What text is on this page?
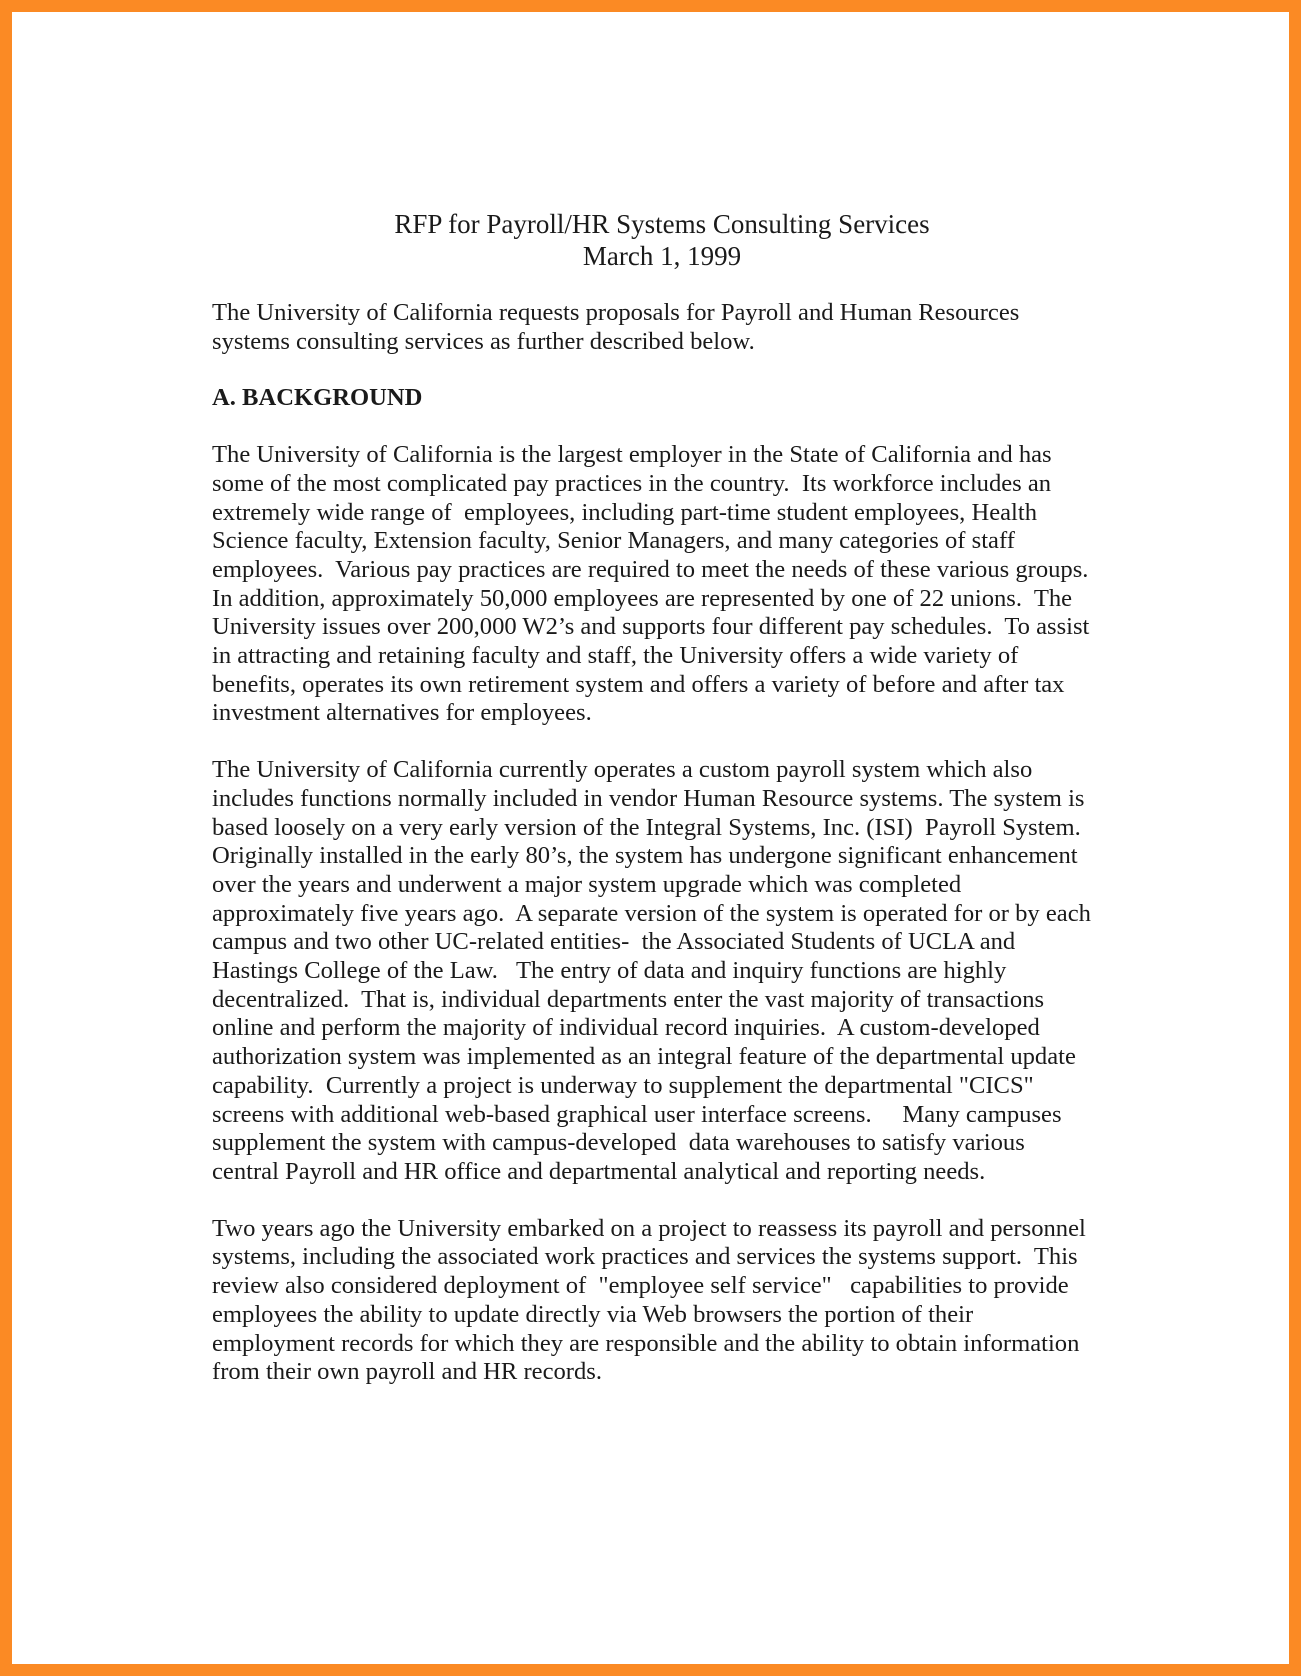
RFP for Payroll/HR Systems Consulting Services
March 1, 1999

The University of California requests proposals for Payroll and Human Resources
systems consulting services as further described below.

A. BACKGROUND

The University of California is the largest employer in the State of California and has
some of the most complicated pay practices in the country.  Its workforce includes an
extremely wide range of  employees, including part-time student employees, Health
Science faculty, Extension faculty, Senior Managers, and many categories of staff
employees.  Various pay practices are required to meet the needs of these various groups.
In addition, approximately 50,000 employees are represented by one of 22 unions.  The
University issues over 200,000 W2’s and supports four different pay schedules.  To assist
in attracting and retaining faculty and staff, the University offers a wide variety of
benefits, operates its own retirement system and offers a variety of before and after tax
investment alternatives for employees.

The University of California currently operates a custom payroll system which also
includes functions normally included in vendor Human Resource systems. The system is
based loosely on a very early version of the Integral Systems, Inc. (ISI)  Payroll System.
Originally installed in the early 80’s, the system has undergone significant enhancement
over the years and underwent a major system upgrade which was completed
approximately five years ago.  A separate version of the system is operated for or by each
campus and two other UC-related entities-  the Associated Students of UCLA and
Hastings College of the Law.   The entry of data and inquiry functions are highly
decentralized.  That is, individual departments enter the vast majority of transactions
online and perform the majority of individual record inquiries.  A custom-developed
authorization system was implemented as an integral feature of the departmental update
capability.  Currently a project is underway to supplement the departmental "CICS"
screens with additional web-based graphical user interface screens.     Many campuses
supplement the system with campus-developed  data warehouses to satisfy various
central Payroll and HR office and departmental analytical and reporting needs.

Two years ago the University embarked on a project to reassess its payroll and personnel
systems, including the associated work practices and services the systems support.  This
review also considered deployment of  "employee self service"   capabilities to provide
employees the ability to update directly via Web browsers the portion of their
employment records for which they are responsible and the ability to obtain information
from their own payroll and HR records.
